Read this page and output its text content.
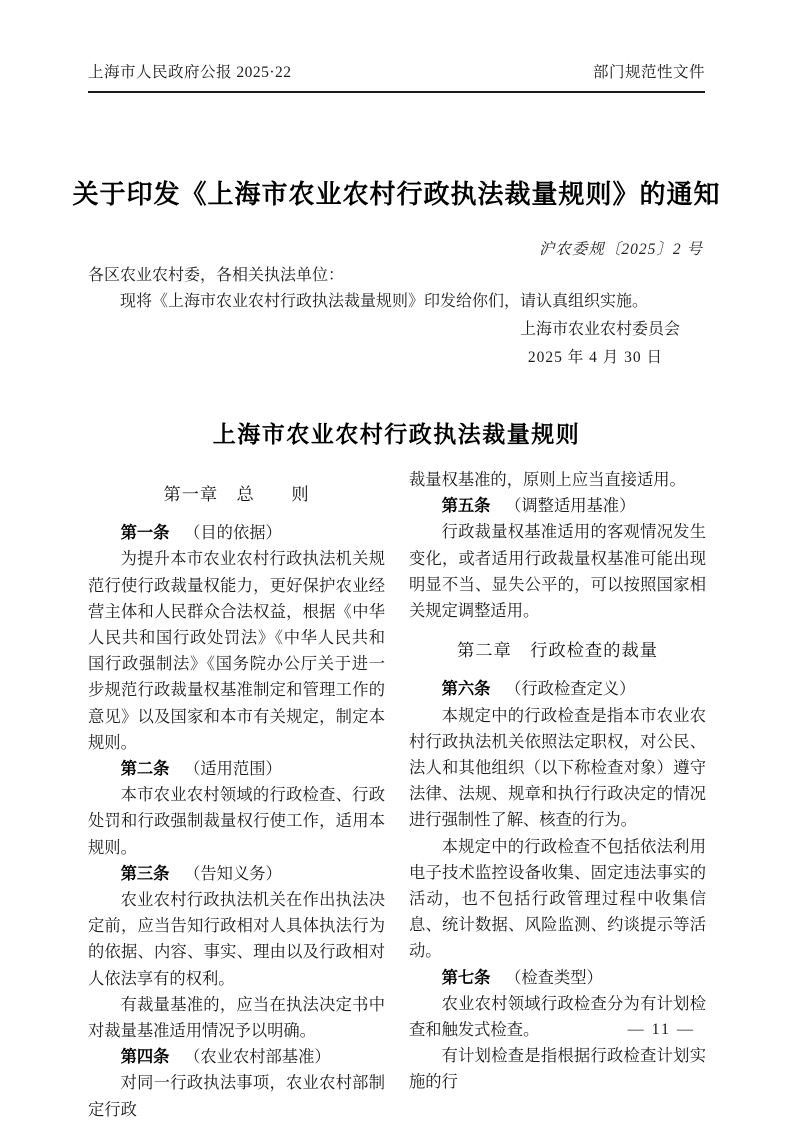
上海市人民政府公报 2025·22	部门规范性文件
关于印发《上海市农业农村行政执法裁量规则》的通知
沪农委规〔2025〕2 号
各区农业农村委，各相关执法单位：
现将《上海市农业农村行政执法裁量规则》印发给你们，请认真组织实施。
上海市农业农村委员会
2025 年 4 月 30 日
上海市农业农村行政执法裁量规则

第一章　总　　则

第一条 （目的依据）

为提升本市农业农村行政执法机关规范行使行政裁量权能力，更好保护农业经营主体和人民群众合法权益，根据《中华人民共和国行政处罚法》《中华人民共和国行政强制法》《国务院办公厅关于进一步规范行政裁量权基准制定和管理工作的意见》以及国家和本市有关规定，制定本规则。

第二条 （适用范围）

本市农业农村领域的行政检查、行政处罚和行政强制裁量权行使工作，适用本规则。

第三条 （告知义务）

农业农村行政执法机关在作出执法决定前，应当告知行政相对人具体执法行为的依据、内容、事实、理由以及行政相对人依法享有的权利。

有裁量基准的，应当在执法决定书中对裁量基准适用情况予以明确。

第四条 （农业农村部基准）

对同一行政执法事项，农业农村部制定行政

裁量权基准的，原则上应当直接适用。

第五条 （调整适用基准）

行政裁量权基准适用的客观情况发生变化，或者适用行政裁量权基准可能出现明显不当、显失公平的，可以按照国家相关规定调整适用。

第二章　行政检查的裁量

第六条 （行政检查定义）

本规定中的行政检查是指本市农业农村行政执法机关依照法定职权，对公民、法人和其他组织（以下称检查对象）遵守法律、法规、规章和执行行政决定的情况进行强制性了解、核查的行为。

本规定中的行政检查不包括依法利用电子技术监控设备收集、固定违法事实的活动，也不包括行政管理过程中收集信息、统计数据、风险监测、约谈提示等活动。

第七条 （检查类型）

农业农村领域行政检查分为有计划检查和触发式检查。

有计划检查是指根据行政检查计划实施的行

— 11 —
